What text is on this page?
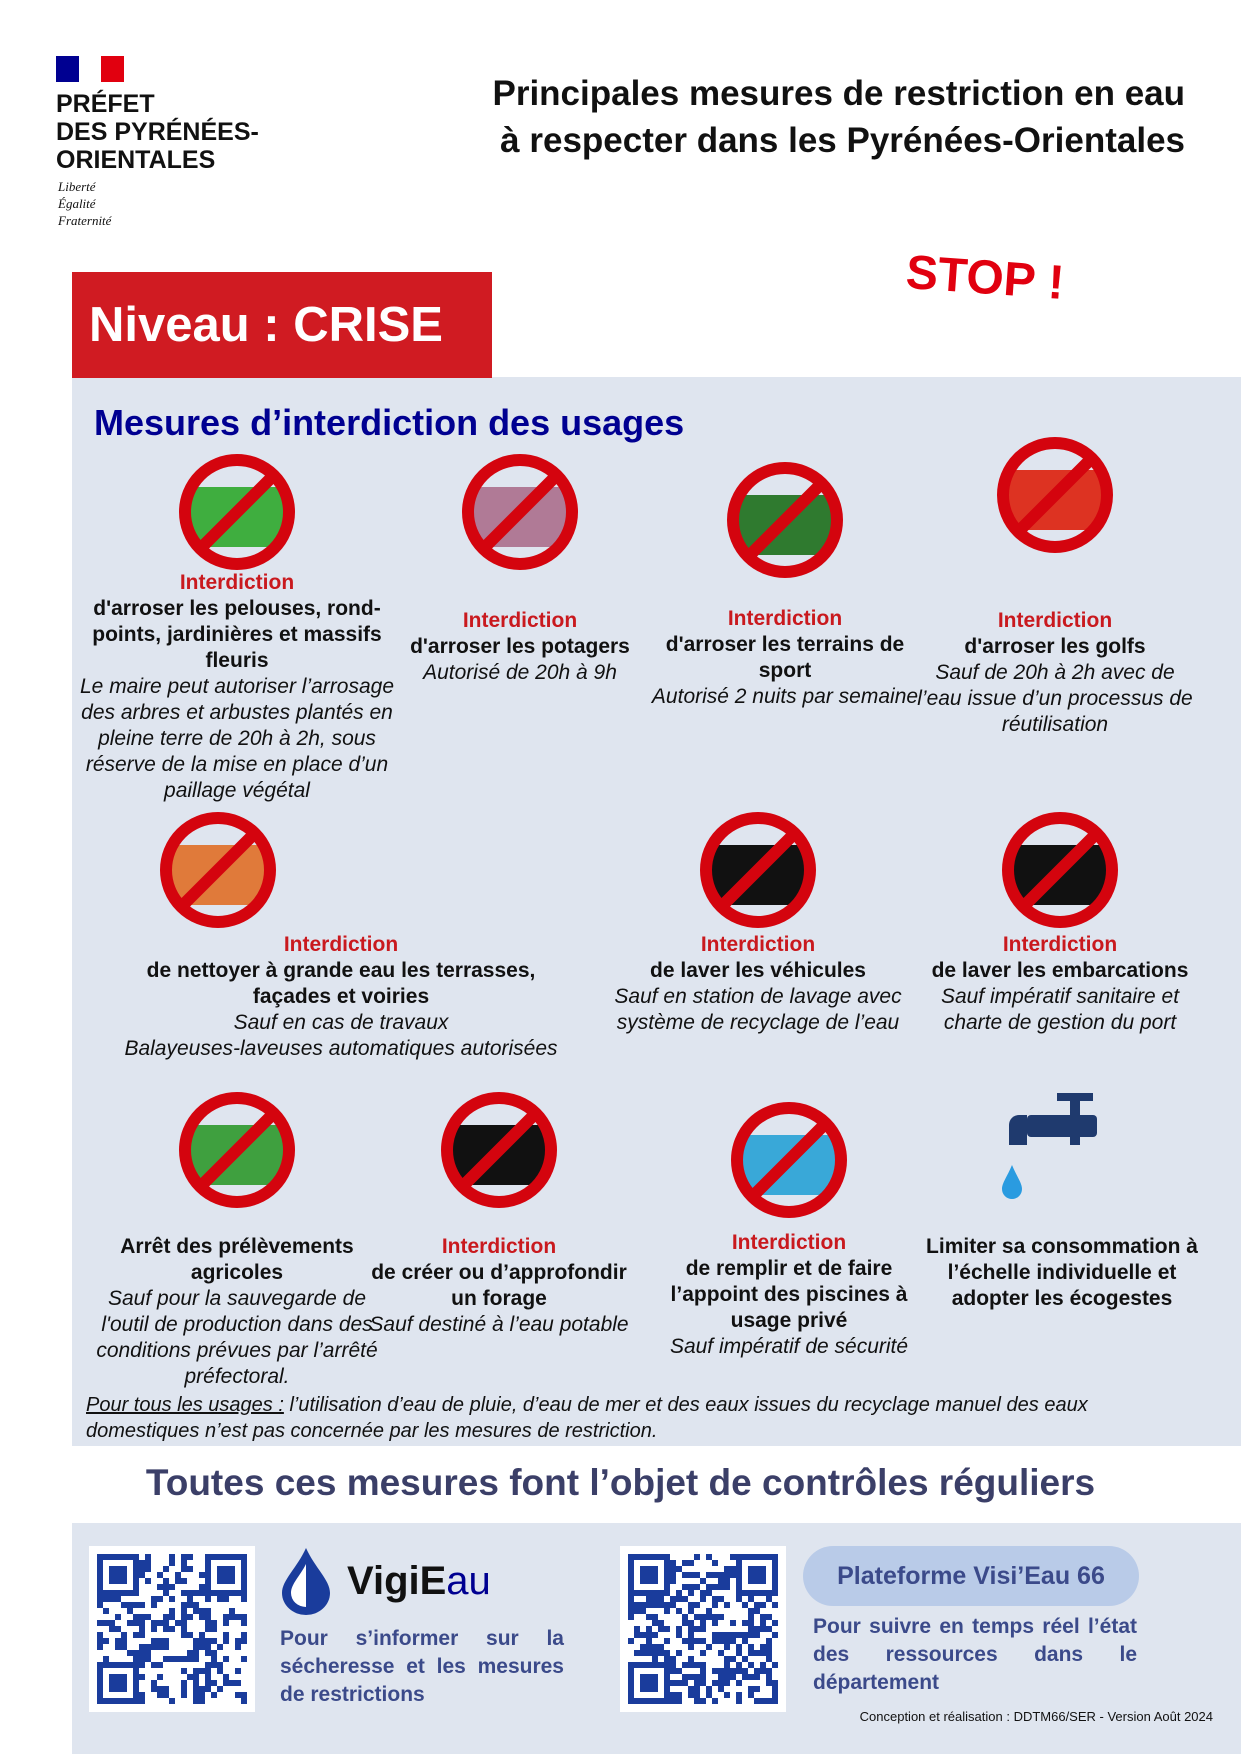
PRÉFET
DES PYRÉNÉES-
ORIENTALES
Liberté
Égalité
Fraternité
Principales mesures de restriction en eau
à respecter dans les Pyrénées-Orientales
STOP !
Niveau : CRISE
Mesures d’interdiction des usages
Interdiction
d'arroser les pelouses, rond-points, jardinières et massifs fleuris
Le maire peut autoriser l’arrosage des arbres et arbustes plantés en pleine terre de 20h à 2h, sous réserve de la mise en place d’un paillage végétal
Interdiction
d'arroser les potagers
Autorisé de 20h à 9h
Interdiction
d'arroser les terrains de sport
Autorisé 2 nuits par semaine
Interdiction
d'arroser les golfs
Sauf de 20h à 2h avec de l’eau issue d’un processus de réutilisation
Interdiction
de nettoyer à grande eau les terrasses, façades et voiries
Sauf en cas de travaux
Balayeuses-laveuses automatiques autorisées
Interdiction
de laver les véhicules
Sauf en station de lavage avec système de recyclage de l’eau
Interdiction
de laver les embarcations
Sauf impératif sanitaire et charte de gestion du port
Arrêt des prélèvements agricoles
Sauf pour la sauvegarde de l'outil de production dans des conditions prévues par l’arrêté préfectoral.
Interdiction
de créer ou d’approfondir un forage
Sauf destiné à l’eau potable
Interdiction
de remplir et de faire l’appoint des piscines à usage privé
Sauf impératif de sécurité
Limiter sa consommation à l’échelle individuelle et adopter les écogestes
Pour tous les usages : l’utilisation d’eau de pluie, d’eau de mer et des eaux issues du recyclage manuel des eaux domestiques n’est pas concernée par les mesures de restriction.
Toutes ces mesures font l’objet de contrôles réguliers
VigiEau
Pour s’informer sur la sécheresse et les mesures de restrictions
Plateforme Visi’Eau 66
Pour suivre en temps réel l’état des ressources dans le département
Conception et réalisation : DDTM66/SER - Version Août 2024
